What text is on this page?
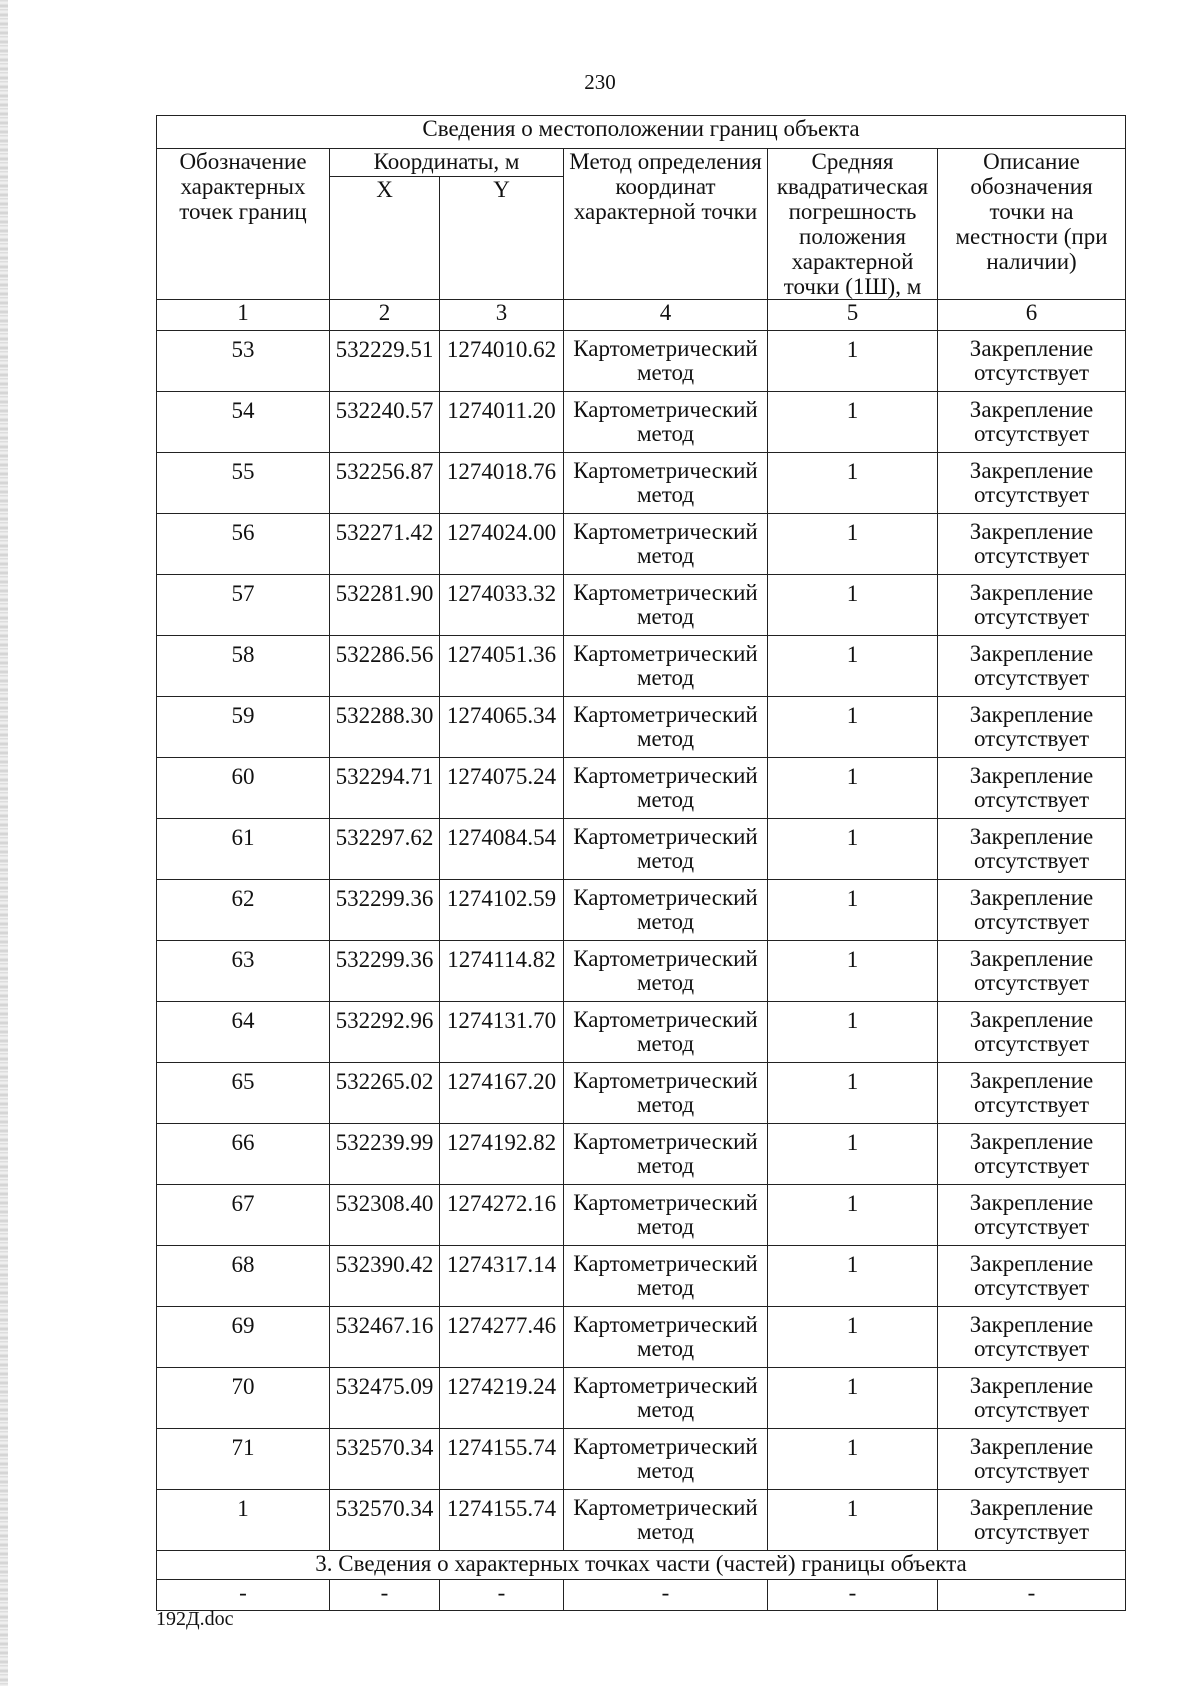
230
Сведения о местоположении границ объекта					
Обозначение характерных точек границ	Координаты, м		Метод определения координат характерной точки	Средняя квадратическая погрешность положения характерной точки (1Ш), м	Описание обозначения точки на местности (при наличии)
	X	Y			
1	2	3	4	5	6
53	532229.51	1274010.62	Картометрический метод	1	Закрепление отсутствует
54	532240.57	1274011.20	Картометрический метод	1	Закрепление отсутствует
55	532256.87	1274018.76	Картометрический метод	1	Закрепление отсутствует
56	532271.42	1274024.00	Картометрический метод	1	Закрепление отсутствует
57	532281.90	1274033.32	Картометрический метод	1	Закрепление отсутствует
58	532286.56	1274051.36	Картометрический метод	1	Закрепление отсутствует
59	532288.30	1274065.34	Картометрический метод	1	Закрепление отсутствует
60	532294.71	1274075.24	Картометрический метод	1	Закрепление отсутствует
61	532297.62	1274084.54	Картометрический метод	1	Закрепление отсутствует
62	532299.36	1274102.59	Картометрический метод	1	Закрепление отсутствует
63	532299.36	1274114.82	Картометрический метод	1	Закрепление отсутствует
64	532292.96	1274131.70	Картометрический метод	1	Закрепление отсутствует
65	532265.02	1274167.20	Картометрический метод	1	Закрепление отсутствует
66	532239.99	1274192.82	Картометрический метод	1	Закрепление отсутствует
67	532308.40	1274272.16	Картометрический метод	1	Закрепление отсутствует
68	532390.42	1274317.14	Картометрический метод	1	Закрепление отсутствует
69	532467.16	1274277.46	Картометрический метод	1	Закрепление отсутствует
70	532475.09	1274219.24	Картометрический метод	1	Закрепление отсутствует
71	532570.34	1274155.74	Картометрический метод	1	Закрепление отсутствует
1	532570.34	1274155.74	Картометрический метод	1	Закрепление отсутствует
3. Сведения о характерных точках части (частей) границы объекта					
-	-	-	-	-	-
192Д.doc
